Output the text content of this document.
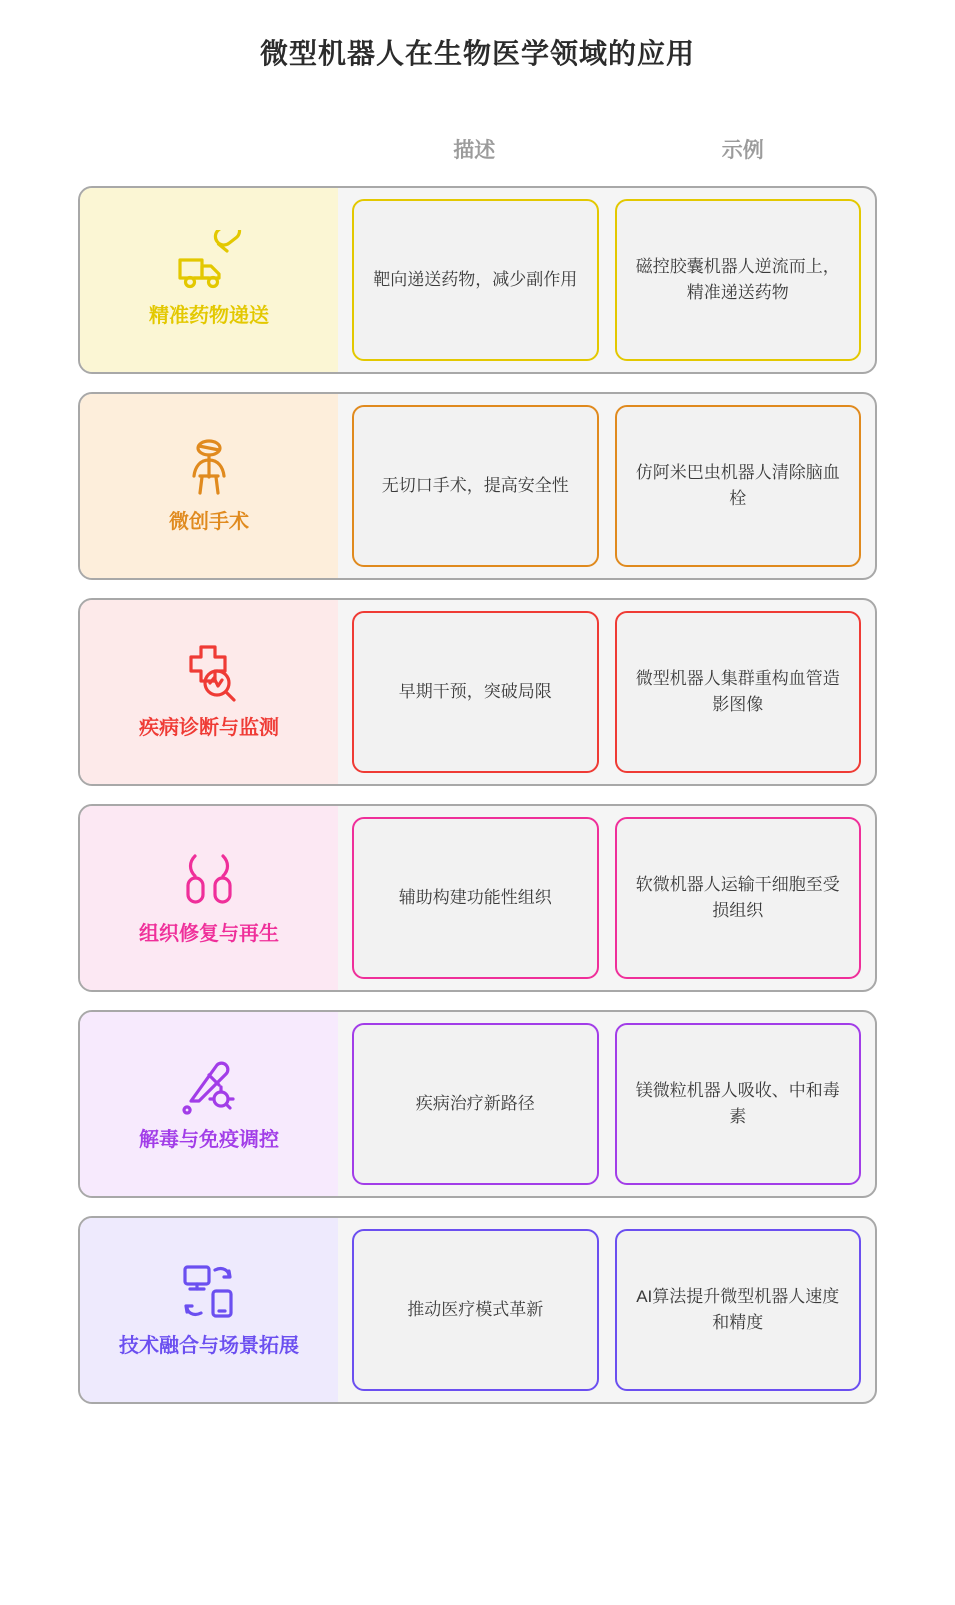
微型机器人在生物医学领域的应用
描述	示例
精准药物递送
靶向递送药物，减少副作用
磁控胶囊机器人逆流而上，精准递送药物
微创手术
无切口手术，提高安全性
仿阿米巴虫机器人清除脑血栓
疾病诊断与监测
早期干预，突破局限
微型机器人集群重构血管造影图像
组织修复与再生
辅助构建功能性组织
软微机器人运输干细胞至受损组织
解毒与免疫调控
疾病治疗新路径
镁微粒机器人吸收、中和毒素
技术融合与场景拓展
推动医疗模式革新
AI算法提升微型机器人速度和精度
